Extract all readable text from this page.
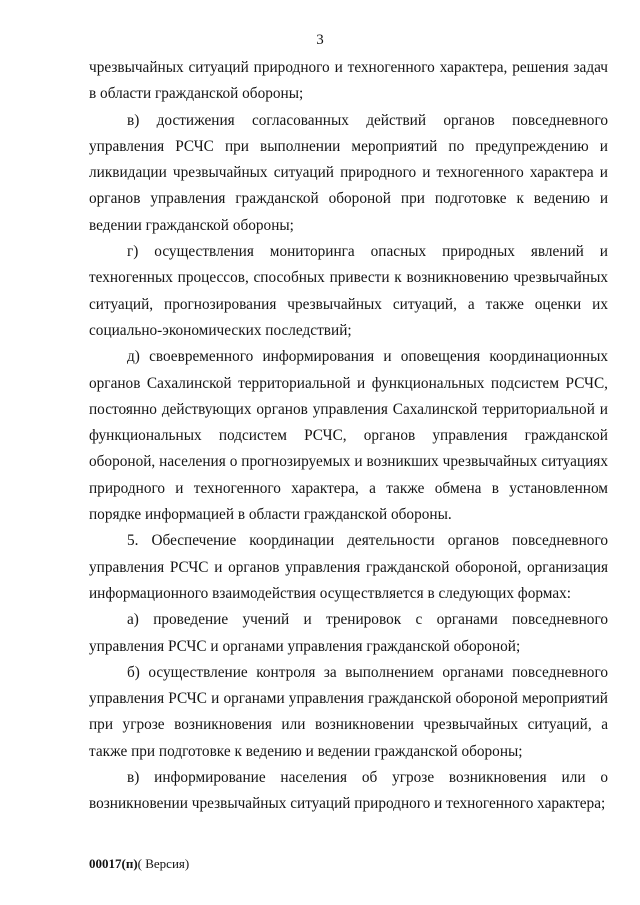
3

чрезвычайных ситуаций природного и техногенного характера, решения задач в области гражданской обороны;

в) достижения согласованных действий органов повседневного управления РСЧС при выполнении мероприятий по предупреждению и ликвидации чрезвычайных ситуаций природного и техногенного характера и органов управления гражданской обороной при подготовке к ведению и ведении гражданской обороны;

г) осуществления мониторинга опасных природных явлений и техногенных процессов, способных привести к возникновению чрезвычайных ситуаций, прогнозирования чрезвычайных ситуаций, а также оценки их социально-экономических последствий;

д) своевременного информирования и оповещения координационных органов Сахалинской территориальной и функциональных подсистем РСЧС, постоянно действующих органов управления Сахалинской территориальной и функциональных подсистем РСЧС, органов управления гражданской обороной, населения о прогнозируемых и возникших чрезвычайных ситуациях природного и техногенного характера, а также обмена в установленном порядке информацией в области гражданской обороны.

5. Обеспечение координации деятельности органов повседневного управления РСЧС и органов управления гражданской обороной, организация информационного взаимодействия осуществляется в следующих формах:

а) проведение учений и тренировок с органами повседневного управления РСЧС и органами управления гражданской обороной;

б) осуществление контроля за выполнением органами повседневного управления РСЧС и органами управления гражданской обороной мероприятий при угрозе возникновения или возникновении чрезвычайных ситуаций, а также при подготовке к ведению и ведении гражданской обороны;

в) информирование населения об угрозе возникновения или о возникновении чрезвычайных ситуаций природного и техногенного характера;

00017(п)( Версия)
